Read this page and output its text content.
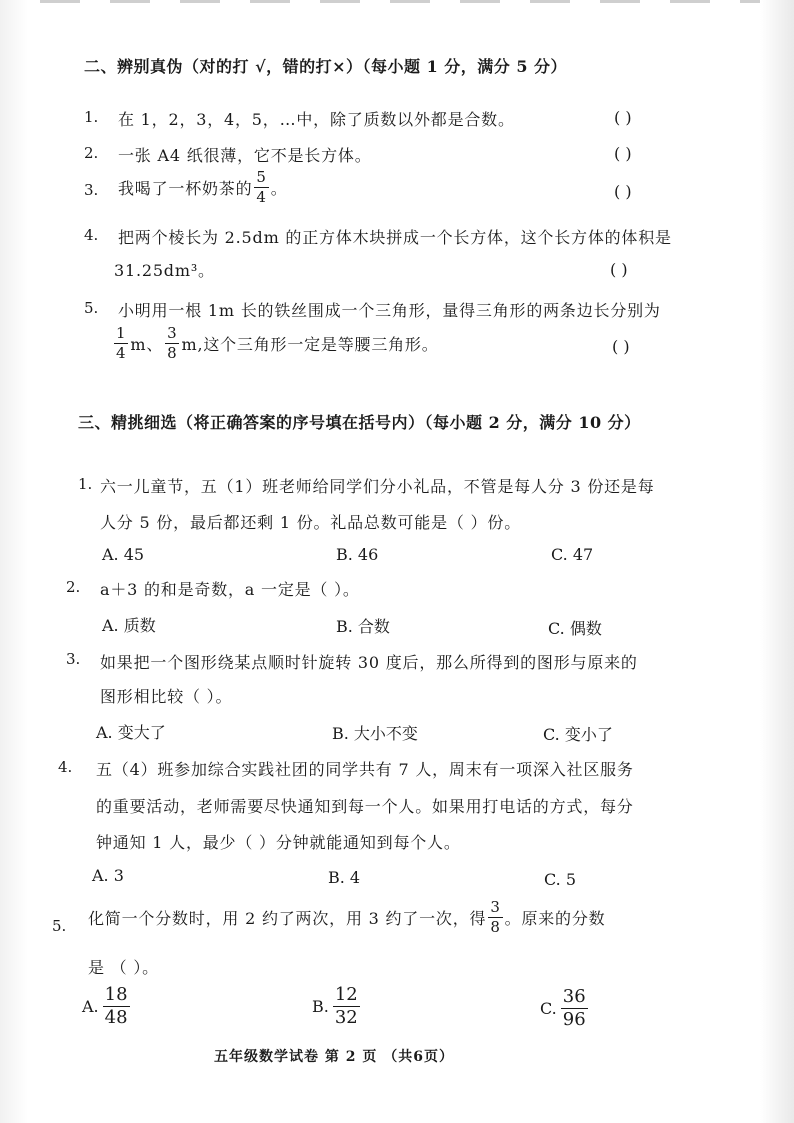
二、辨别真伪（对的打 √，错的打×）（每小题 1 分，满分 5 分）
1. 在 1，2，3，4，5，…中，除了质数以外都是合数。	( )
2. 一张 A4 纸很薄，它不是长方体。	( )
3. 我喝了一杯奶茶的 $\frac{5}{4}$ 。	( )
4. 把两个棱长为 2.5dm 的正方体木块拼成一个长方体，这个长方体的体积是
31.25dm³。	( )
5. 小明用一根 1m 长的铁丝围成一个三角形，量得三角形的两条边长分别为
$\frac{1}{4}$ m、 $\frac{3}{8} m$,这个三角形一定是等腰三角形。	( )
三、精挑细选（将正确答案的序号填在括号内）（每小题 2 分，满分 10 分）
1. 六一儿童节，五（1）班老师给同学们分小礼品，不管是每人分 3 份还是每
人分 5 份，最后都还剩 1 份。礼品总数可能是（ ）份。
A. 45	B. 46	C. 47
2. a＋3 的和是奇数，a 一定是（ ）。
A. 质数	B. 合数	C. 偶数
3. 如果把一个图形绕某点顺时针旋转 30 度后，那么所得到的图形与原来的
图形相比较（ ）。
A. 变大了	B. 大小不变	C. 变小了
4. 五（4）班参加综合实践社团的同学共有 7 人，周末有一项深入社区服务
的重要活动，老师需要尽快通知到每一个人。如果用打电话的方式，每分
钟通知 1 人，最少（ ）分钟就能通知到每个人。
A. 3	B. 4	C. 5
5. 化简一个分数时，用 2 约了两次，用 3 约了一次，得 $\frac{3}{8}$ 。原来的分数
是 （ ）。
A. $\frac{18}{48}$	B. $\frac{12}{32}$	C. $\frac{36}{96}$
五年级数学试卷 第 2 页 （共6页）
